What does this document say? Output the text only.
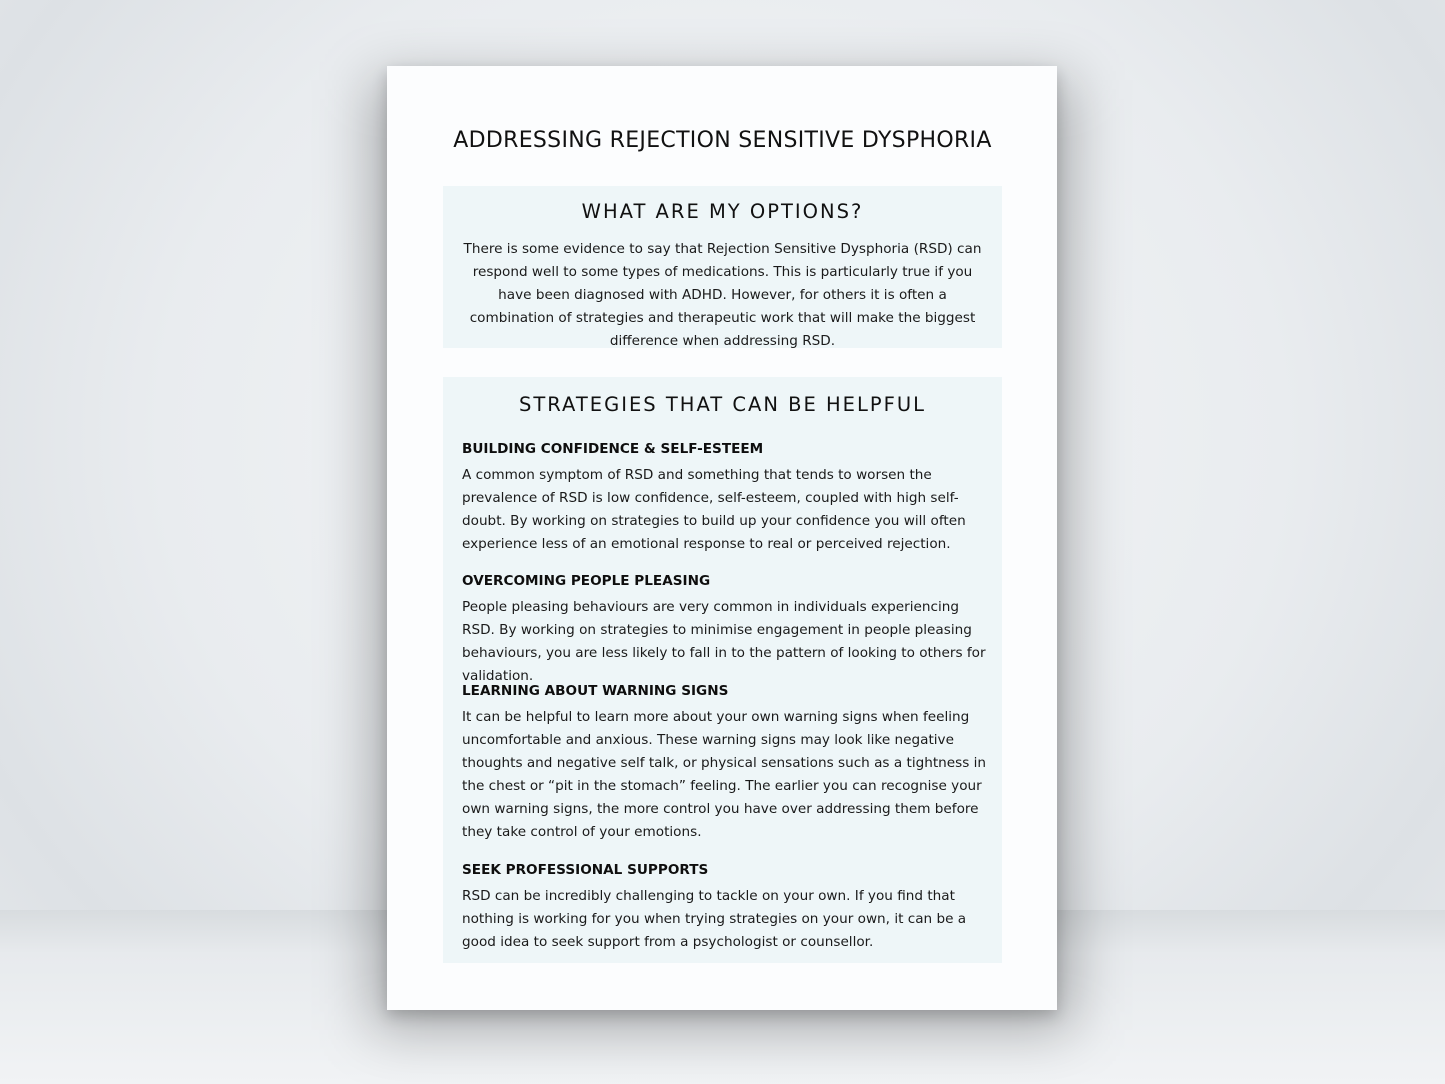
ADDRESSING REJECTION SENSITIVE DYSPHORIA
WHAT ARE MY OPTIONS?

There is some evidence to say that Rejection Sensitive Dysphoria (RSD) can respond well to some types of medications. This is particularly true if you have been diagnosed with ADHD. However, for others it is often a combination of strategies and therapeutic work that will make the biggest difference when addressing RSD.

STRATEGIES THAT CAN BE HELPFUL
BUILDING CONFIDENCE & SELF-ESTEEM

A common symptom of RSD and something that tends to worsen the prevalence of RSD is low confidence, self-esteem, coupled with high self-doubt. By working on strategies to build up your confidence you will often experience less of an emotional response to real or perceived rejection.

OVERCOMING PEOPLE PLEASING

People pleasing behaviours are very common in individuals experiencing RSD. By working on strategies to minimise engagement in people pleasing behaviours, you are less likely to fall in to the pattern of looking to others for validation.

LEARNING ABOUT WARNING SIGNS

It can be helpful to learn more about your own warning signs when feeling uncomfortable and anxious. These warning signs may look like negative thoughts and negative self talk, or physical sensations such as a tightness in the chest or “pit in the stomach” feeling. The earlier you can recognise your own warning signs, the more control you have over addressing them before they take control of your emotions.

SEEK PROFESSIONAL SUPPORTS

RSD can be incredibly challenging to tackle on your own. If you find that nothing is working for you when trying strategies on your own, it can be a good idea to seek support from a psychologist or counsellor.
